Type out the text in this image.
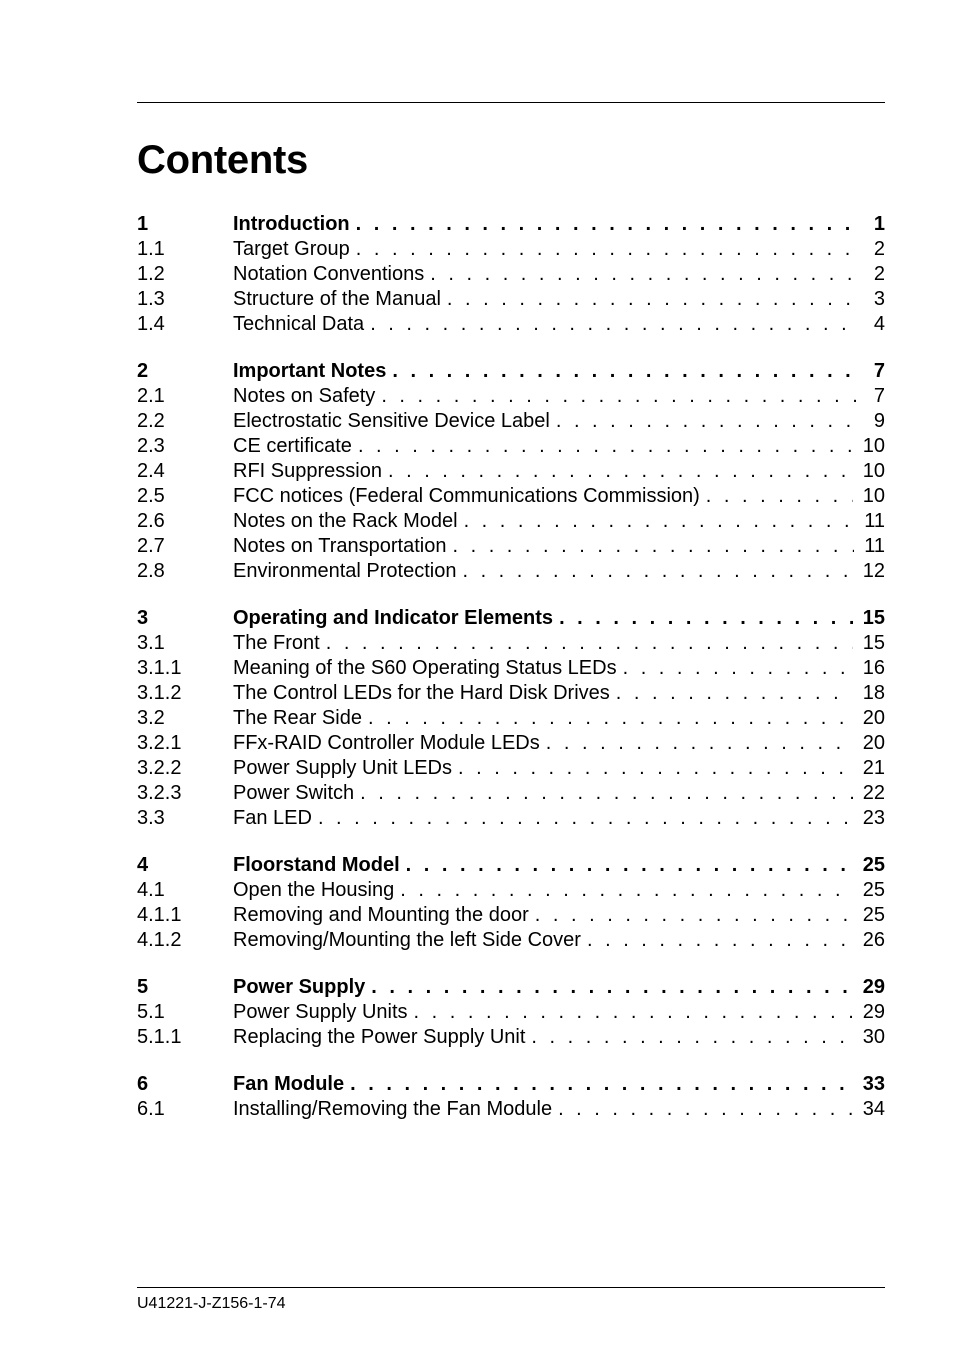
Contents
1	Introduction . . .	1
1.1	Target Group . . .	2
1.2	Notation Conventions . . .	2
1.3	Structure of the Manual . . .	3
1.4	Technical Data . . .	4
2	Important Notes . . .	7
2.1	Notes on Safety . . .	7
2.2	Electrostatic Sensitive Device Label . . .	9
2.3	CE certificate . . .	10
2.4	RFI Suppression . . .	10
2.5	FCC notices (Federal Communications Commission) . . .	10
2.6	Notes on the Rack Model . . .	11
2.7	Notes on Transportation . . .	11
2.8	Environmental Protection . . .	12
3	Operating and Indicator Elements . . .	15
3.1	The Front . . .	15
3.1.1	Meaning of the S60 Operating Status LEDs . . .	16
3.1.2	The Control LEDs for the Hard Disk Drives . . .	18
3.2	The Rear Side . . .	20
3.2.1	FFx-RAID Controller Module LEDs . . .	20
3.2.2	Power Supply Unit LEDs . . .	21
3.2.3	Power Switch . . .	22
3.3	Fan LED . . .	23
4	Floorstand Model . . .	25
4.1	Open the Housing . . .	25
4.1.1	Removing and Mounting the door . . .	25
4.1.2	Removing/Mounting the left Side Cover . . .	26
5	Power Supply . . .	29
5.1	Power Supply Units . . .	29
5.1.1	Replacing the Power Supply Unit . . .	30
6	Fan Module . . .	33
6.1	Installing/Removing the Fan Module . . .	34
U41221-J-Z156-1-74
